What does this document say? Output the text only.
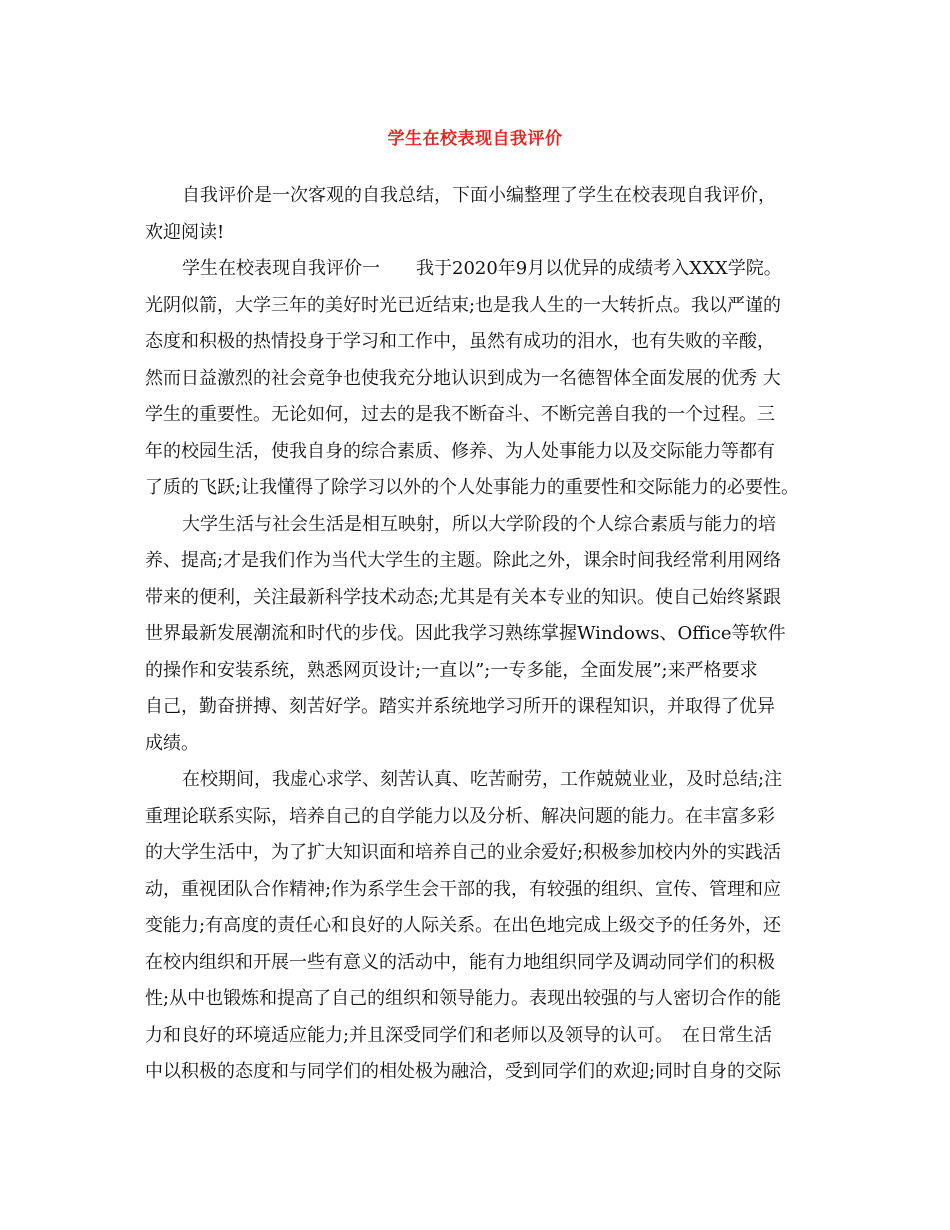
学生在校表现自我评价
自我评价是一次客观的自我总结，下面小编整理了学生在校表现自我评价，
欢迎阅读!
学生在校表现自我评价一　　我于2020年9月以优异的成绩考入XXX学院。
光阴似箭，大学三年的美好时光已近结束;也是我人生的一大转折点。我以严谨的
态度和积极的热情投身于学习和工作中，虽然有成功的泪水，也有失败的辛酸，
然而日益激烈的社会竟争也使我充分地认识到成为一名德智体全面发展的优秀 大
学生的重要性。无论如何，过去的是我不断奋斗、不断完善自我的一个过程。三
年的校园生活，使我自身的综合素质、修养、为人处事能力以及交际能力等都有
了质的飞跃;让我懂得了除学习以外的个人处事能力的重要性和交际能力的必要性。
大学生活与社会生活是相互映射，所以大学阶段的个人综合素质与能力的培
养、提高;才是我们作为当代大学生的主题。除此之外，课余时间我经常利用网络
带来的便利，关注最新科学技术动态;尤其是有关本专业的知识。使自己始终紧跟
世界最新发展潮流和时代的步伐。因此我学习熟练掌握Windows、Office等软件
的操作和安装系统，熟悉网页设计;一直以”;一专多能，全面发展”;来严格要求
自己，勤奋拼搏、刻苦好学。踏实并系统地学习所开的课程知识，并取得了优异
成绩。
在校期间，我虚心求学、刻苦认真、吃苦耐劳，工作兢兢业业，及时总结;注
重理论联系实际，培养自己的自学能力以及分析、解决问题的能力。在丰富多彩
的大学生活中，为了扩大知识面和培养自己的业余爱好;积极参加校内外的实践活
动，重视团队合作精神;作为系学生会干部的我，有较强的组织、宣传、管理和应
变能力;有高度的责任心和良好的人际关系。在出色地完成上级交予的任务外，还
在校内组织和开展一些有意义的活动中，能有力地组织同学及调动同学们的积极
性;从中也锻炼和提高了自己的组织和领导能力。表现出较强的与人密切合作的能
力和良好的环境适应能力;并且深受同学们和老师以及领导的认可。　在日常生活
中以积极的态度和与同学们的相处极为融洽，受到同学们的欢迎;同时自身的交际
